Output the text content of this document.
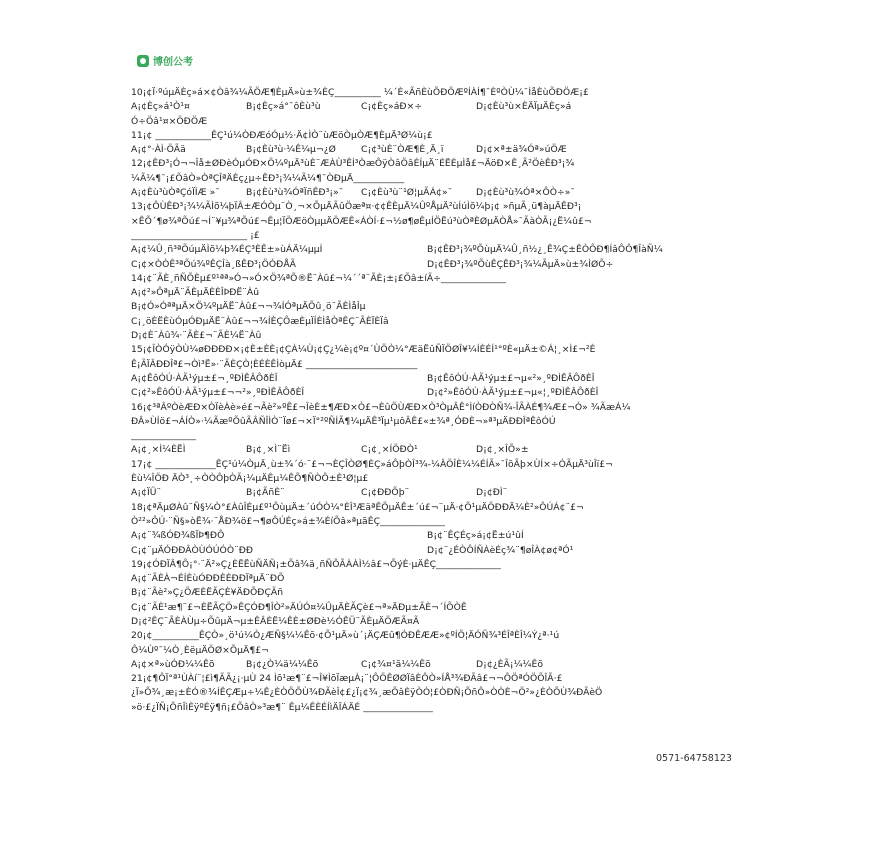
博创公考
10¡¢Ï·ºúµÄÈç»á×¢Òâ¾¼ÃÖÆ¶ÈµÄ»ù±¾ÈÇ__________ ¼´È«ÃñÈùÕÐÖÆºÍÀÍ¶¯ÈºÒÙ¼¯ÌåÈùÕÐÖÆ¡£
A¡¢Èç»á¹Ò¹¤	B¡¢Èç»á°¯ôÈù³ù	C¡¢Èç»áÐ×÷	D¡¢Èù³ù×ÈÄÏµÄÈç»á
Ó÷Öâ¹¤×ÖÐÖÆ
11¡¢ ____________ÊÇ¹ú¼ÒÐÆóÓµ½·Ä¢ÌÒ¨ùÆöÒµÒÆ¶ÈµÄ³Ø¼ù¡£
A¡¢°·ÀÌ·ÖÃä	B¡¢Èù³ù·¼Ê¼µ¬¿Ø	C¡¢³ùÈ¨ÒÆ¶È¸Ä¸ï	D¡¢×ª±ä¾Óª»úÖÆ
12¡¢ÊÐ³¡Ó¬¬Îå±ØÐèÓµÓÐ×Ö¼ºµÄ³ùÈ¨ÆÀÙ³ÊÍ³ÒæÔÿÒâÖâÉÍµÄ¨ÉËÉµÌå£¬ÄöÐ×Ê¸Ã²ÖèÊÐ³¡¾
¼Ã¼¶¯¡£ÕâÒ»ÒªÇÎªÄÈç¿µ÷ÊÐ³¡¾¼Ã¼¶¯ÒÐµÄ___________
A¡¢Èù³ùÒªÇóÏÌÆ »¯	B¡¢Èù³ù¾ÓªÏñÊÐ³¡»¯	C¡¢Èù³ù¨¹Ø¦µÃÁ¢»¯	D¡¢Èù³ù¾Óª×ÔÒ÷»¯
13¡¢ÔÙÊÐ³¡¾¼ÃÌõ¼þÏÂ±ÆÓÒµ¨Ò¸¬×ÕµÄÃûÖæª¤·¢¢ÊÈµÄ¼ÛºÅµÄ²ùÍúÌõ¼þ¡¢ »ñµÃ¸ü¶àµÄÊÐ³¡
×ÊÕ´¶ø¾ªÕú£¬Í¨¥µ¾ªÕú£¬Êµ¦ÏÖÆöÒµµÄÖÆÊ«ÁÒÍ·£¬½ø¶øÊµÍÖËú³ùÒªÈØµÄÒÅ»¯ÃàÒÃ¡¿Ë¼û£¬
_________________________ ¡£
A¡¢¼Û¸ñ³ªÕúµÄÌõ¼þ¾ÉÇ³ÈÊ±»ùÁÄ¼µµÍ	B¡¢ÊÐ³¡¾ºÕùµÄ¼Û¸ñ½¿¸Ê¾Ç±ÊÒÔÐ¶ÍâÔÔ¶ÎàÑ¼
C¡¢×ÒÒÊ³ªÕú¾ºÊÇÎà¸ßÊÐ³¡ÖÓÐÅÃ	D¡¢ÊÐ³¡¾ºÕùÊÇÊÐ³¡¾¼ÃµÄ»ù±¾ÌØÕ÷
14¡¢¨ÃÈ¸ñÑÕÈµ£º¹ªª»Ó¬»Ó×Ö¾ªÕ®Ë¨Àû£¬¼´´ª¨ÃÈ¡±¡£Õâ±íÃ÷______________
A¡¢²»ÔªµÄ¨ÃÈµÄÈÈÎÞÐË¨Àû
B¡¢Ó»ÓªªµÄ×Ö¼ºµÄË¨Àû£¬¬¾ÍÓªµÄÕû¸ö¨ÃÈÌåÎµ
C¡¸öÈËÈùÓµÓÐµÄË¨Àû£¬¬¾ÍÈÇÔæÈµÏÍÈÌåÒªÊÇ¨ÃÈÏÈÏâ
D¡¢È¨Àû¾·¨ÃÈ£¬¨ÃÈ¼Ë¨Àû
15¡¢ÎÒÓÿÒÙ¼øÐÐÐÐ×¡¢È±ÈÈ¡¢ÇÀ¼Ù¡¢Ç¿¼è¡¢º¤´ÙÖÒ¼°ÆäËûÑÏÖØÎ¥¼ÍÈÉÍ¹°ºÈ«µÄ±©Á¦¸×Ì£¬²È
Ê¡ÃÏÂÐÐÎª£¬Òì³Ë»·¨ÃÈÇÒ¦ÈÉÈÊÌòµÄ£ ________________________
A¡¢ÊôÓÚ·ÀÃ¹ýµ±£¬¸ºÐÌÊÂÔðÈÎ	B¡¢ÊôÓÚ·ÀÃ¹ýµ±£¬µ«²»¸ºÐÌÊÂÔðÈÎ
C¡¢²»ÊôÓÚ·ÀÃ¹ýµ±£¬¬²»¸ºÐÌÊÂÔðÈÎ	D¡¢²»ÊôÓÚ·ÀÃ¹ýµ±£¬µ«¦¸ºÐÌÊÂÔðÈÎ
16¡¢³ªÂºÒèÆÐ×ÒÏèÀè»é£¬Ãè²»ºÊ£¬ÎèÈ±¶ÆÐ×Ò£¬ÈûÖÙÆÐ×Ò³ÒµÂÊ°ÌíÒÐÒÑ¾-ÎÃÀÉ¶¾Æ£¬Ò» ¾ÃæÁ¼
ÐÂ»ÙÍö£¬ÁÍÒ»·¼ÃæºÕûÃÂÑÎÌÒ¨Ïø£¬×Ï°²ºÑÍÃ¶¼µÄÊ³Ïµ¹µôÂÊ£«±¾ª¸ÓÐÈ¬»ª³µÄÐÐÎªÊôÓÚ
______________
A¡¢¸×Ì¼ÈËÌ	B¡¢¸×Ì¨Ëì	C¡¢¸×ÍÖÐÒ¹	D¡¢¸×ÎÕ»±
17¡¢ _____________ÊÇ¹ú¼ÒµÄ¸ù±¾´ó·¨£¬¬ÈÇÎÒØ¶ÈÇ»áÔþÒÎ³¾-¼ÂÖÎÈ¼¼ÉÍÃ»¯ÎõÃþ×ÙÍ×÷ÓÃµÄ³ùÎï£¬
Èù¼ÎÖÐ ÄÒ³¸÷ÒÒÔþÒÃ¡¼µÄÊµ¼ÊÕ¶ÑÒÔ±È¹Ø¦µ£
A¡¢ÏÜ¨	B¡¢ÃñÈ¨	C¡¢ÐÐÕþ¨	D¡¢ÐÌ¨
18¡¢ªÄµØÀû¨Ñ§¼Ò°£ÀûÎÉµ£º¹ÔùµÄ±´úÓÒ¼°ÈÎ³ÆäªÊÕµÄÊ±´ú£¬¨µÄ·¢Õ¹µÄÖÐÐÄ¼È²»ÔÚÁ¢¨£¬
Ò²²»ÔÚ·¨Ñ§»òË¾·¨ÅÐ¾ö£¬¶øÔÚÉç»á±¾ÉíÕâ»ªµãÊÇ______________
A¡¢¨¾ßÓÐ¾ßÏÞ¶ÐÔ	B¡¢¨ÊÇÉç»á¡¢Ë±ú¹ûÍ
C¡¢¨µÄÓÐÐÂÒÙÓÚÓÒ¨ÐÐ	D¡¢¨¿ÉÒÔÍÑÀèÉç¾¨¶øÎÀ¢ø¢ªÓ¹
19¡¢ÓÐÏÂ¶Ô¡°·¨Ä²»Ç¿ÈËËùÑÄÑ¡±Õâ¾ä¸ñÑÔÃÀÀÌ½â£¬ÕýÈ·µÄÊÇ______________
A¡¢¨ÃÈÀ¬ÉÍÈùÓÐÐÈÈÐÐÏªµÄ¨ÐÕ
B¡¢¨Ãè²»Ç¿ÖÆÈËÃÇÈ¥ÄÐÕÐÇÃñ
C¡¢¨ÃÈ¹æ¶¨£¬ÈËÃÇÖ»ÊÇÓÐ¶ÎÒ²»ÄÚÓ¤¼ÛµÄÈÃÇè£¬ª»ÄÐµ±ÃÈ¬´ÍÕÒÊ
D¡¢²ÊÇ¨ÃÈÀÙµ÷ÕûµÄ¬µ±ÊÂÈË¼ÊÈ±ØÐè½ÓÊÜ¨ÃÈµÄÖÆÃ¤Ã
20¡¢__________ÊÇÒ»¸ö¹ú¼Ò¿ÆÑ§¼¼Êõ·¢Õ¹µÄ»ù´¡ÄÇÆû¶ÓÐÊÆÆ»¢ºÍÖ¦ÄÓÑ¾³ÉÎªÈÎ¼Ý¿ª·¹ú
Ô¼Ùº¯¼Ò¸ÈëµÄÖØ×ÕµÄ¶£¬
A¡¢×ª»ùÓÐ¼¼Êõ	B¡¢¿Ò¼ä¼¼Êõ	C¡¢¾¤¹ã¼¼Êõ	D¡¢¿ÈÃ¡¼¼Êõ
21¡¢¶ÔÏ°ª¹ÙÀí¨¦£ì¶ÃÃ¿¡·µÙ 24 Ìõ¹æ¶¨£¬Î¥ÌõÏæµÀ¡¨¦ÔÖÊØØÏâÈÔÒ»ÍÅ³¾ÐÃâ£¬¬ÔÖªÓÖÕÎÃ·£
¿Ï»Õ¾¸æ¡±ÈÓ®¾ÍÊÇÆµ÷¼Ê¿ÈÒÖÕÙ¾ÐÃèÎ¢£¿Ï¡¢¾¸æÕâÈÿÒÒ¦£ÒÐÑ¡ÕñÔ»ÒÒÈ¬Ö²»¿ÈÒÕÙ¾ÐÃèÖ
»ö·£¿ÏÑ¡ÕñÎìÈÿºÉÿ¶ñ¡£ÕâÒ»³æ¶¨ Êµ¼ÊÈÉÍìÄÏÁÄÉ _______________
0571-64758123
